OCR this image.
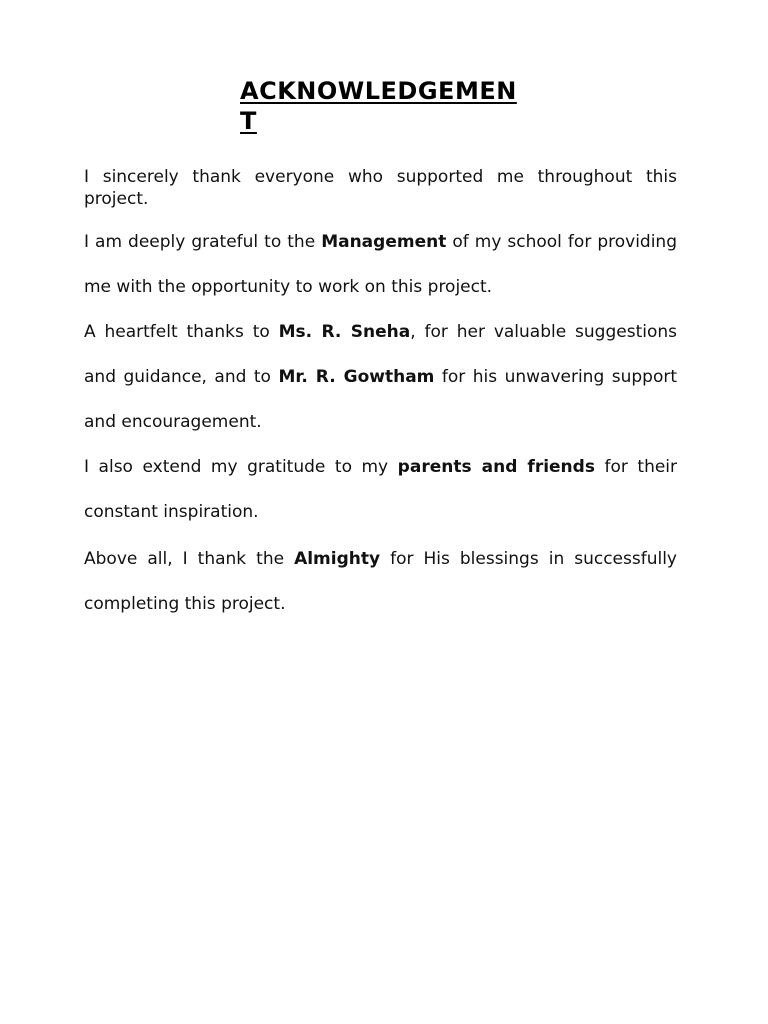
ACKNOWLEDGEMENT

I sincerely thank everyone who supported me throughout this project.

I am deeply grateful to the Management of my school for providing me with the opportunity to work on this project.

A heartfelt thanks to Ms. R. Sneha, for her valuable suggestions and guidance, and to Mr. R. Gowtham for his unwavering support and encouragement.

I also extend my gratitude to my parents and friends for their constant inspiration.

Above all, I thank the Almighty for His blessings in successfully completing this project.
